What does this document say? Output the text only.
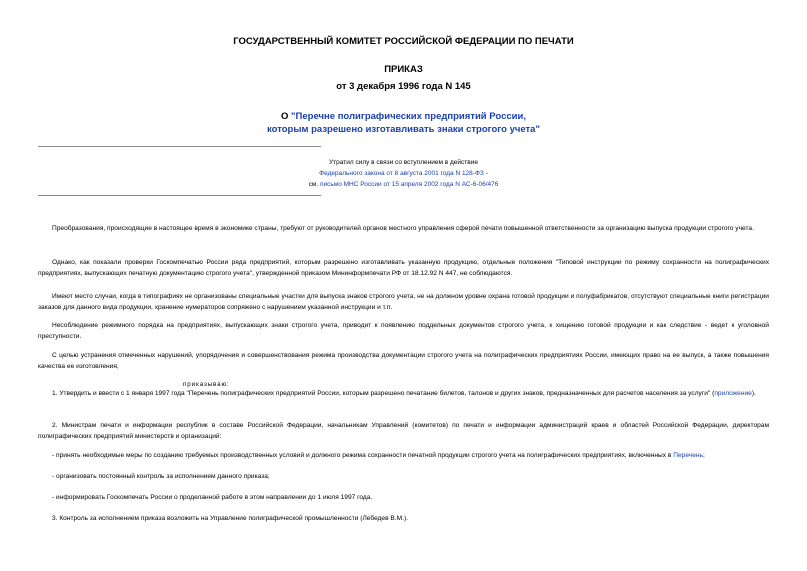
ГОСУДАРСТВЕННЫЙ КОМИТЕТ РОССИЙСКОЙ ФЕДЕРАЦИИ ПО ПЕЧАТИ
ПРИКАЗ
от 3 декабря 1996 года N 145
О "Перечне полиграфических предприятий России,
которым разрешено изготавливать знаки строгого учета"
Утратил силу в связи со вступлением в действие
Федерального закона от 8 августа 2001 года N 128-ФЗ -
см. письмо МНС России от 15 апреля 2002 года N АС-6-06/476
Преобразования, происходящие в настоящее время в экономике страны, требуют от руководителей органов местного управления сферой печати повышенной ответственности за организацию выпуска продукции строгого учета.
Однако, как показали проверки Госкомпечатью России ряда предприятий, которым разрешено изготавливать указанную продукцию, отдельные положения "Типовой инструкции по режиму сохранности на полиграфических предприятиях, выпускающих печатную документацию строгого учета", утвержденной приказом Мининформпечати РФ от 18.12.92 N 447, не соблюдаются.
Имеют место случаи, когда в типографиях не организованы специальные участки для выпуска знаков строгого учета, не на должном уровне охрана готовой продукции и полуфабрикатов, отсутствуют специальные книги регистрации заказов для данного вида продукции, хранение нумераторов сопряжено с нарушением указанной инструкции и т.п.
Несоблюдение режимного порядка на предприятиях, выпускающих знаки строгого учета, приводит к появлению поддельных документов строгого учета, к хищению готовой продукции и как следствие - ведет к уголовной преступности.
С целью устранения отмеченных нарушений, упорядочения и совершенствования режима производства документации строгого учета на полиграфических предприятиях России, имеющих право на ее выпуск, а также повышения качества ее изготовления,
приказываю:
1. Утвердить и ввести с 1 января 1997 года "Перечень полиграфических предприятий России, которым разрешено печатание билетов, талонов и других знаков, предназначенных для расчетов населения за услуги" (приложение).
2. Министрам печати и информации республик в составе Российской Федерации, начальникам Управлений (комитетов) по печати и информации администраций краев и областей Российской Федерации, директорам полиграфических предприятий министерств и организаций:
- принять необходимые меры по созданию требуемых производственных условий и должного режима сохранности печатной продукции строгого учета на полиграфических предприятиях, включенных в Перечень;
- организовать постоянный контроль за исполнением данного приказа;
- информировать Госкомпечать России о проделанной работе в этом направлении до 1 июля 1997 года.
3. Контроль за исполнением приказа возложить на Управление полиграфической промышленности (Лебедев В.М.).
